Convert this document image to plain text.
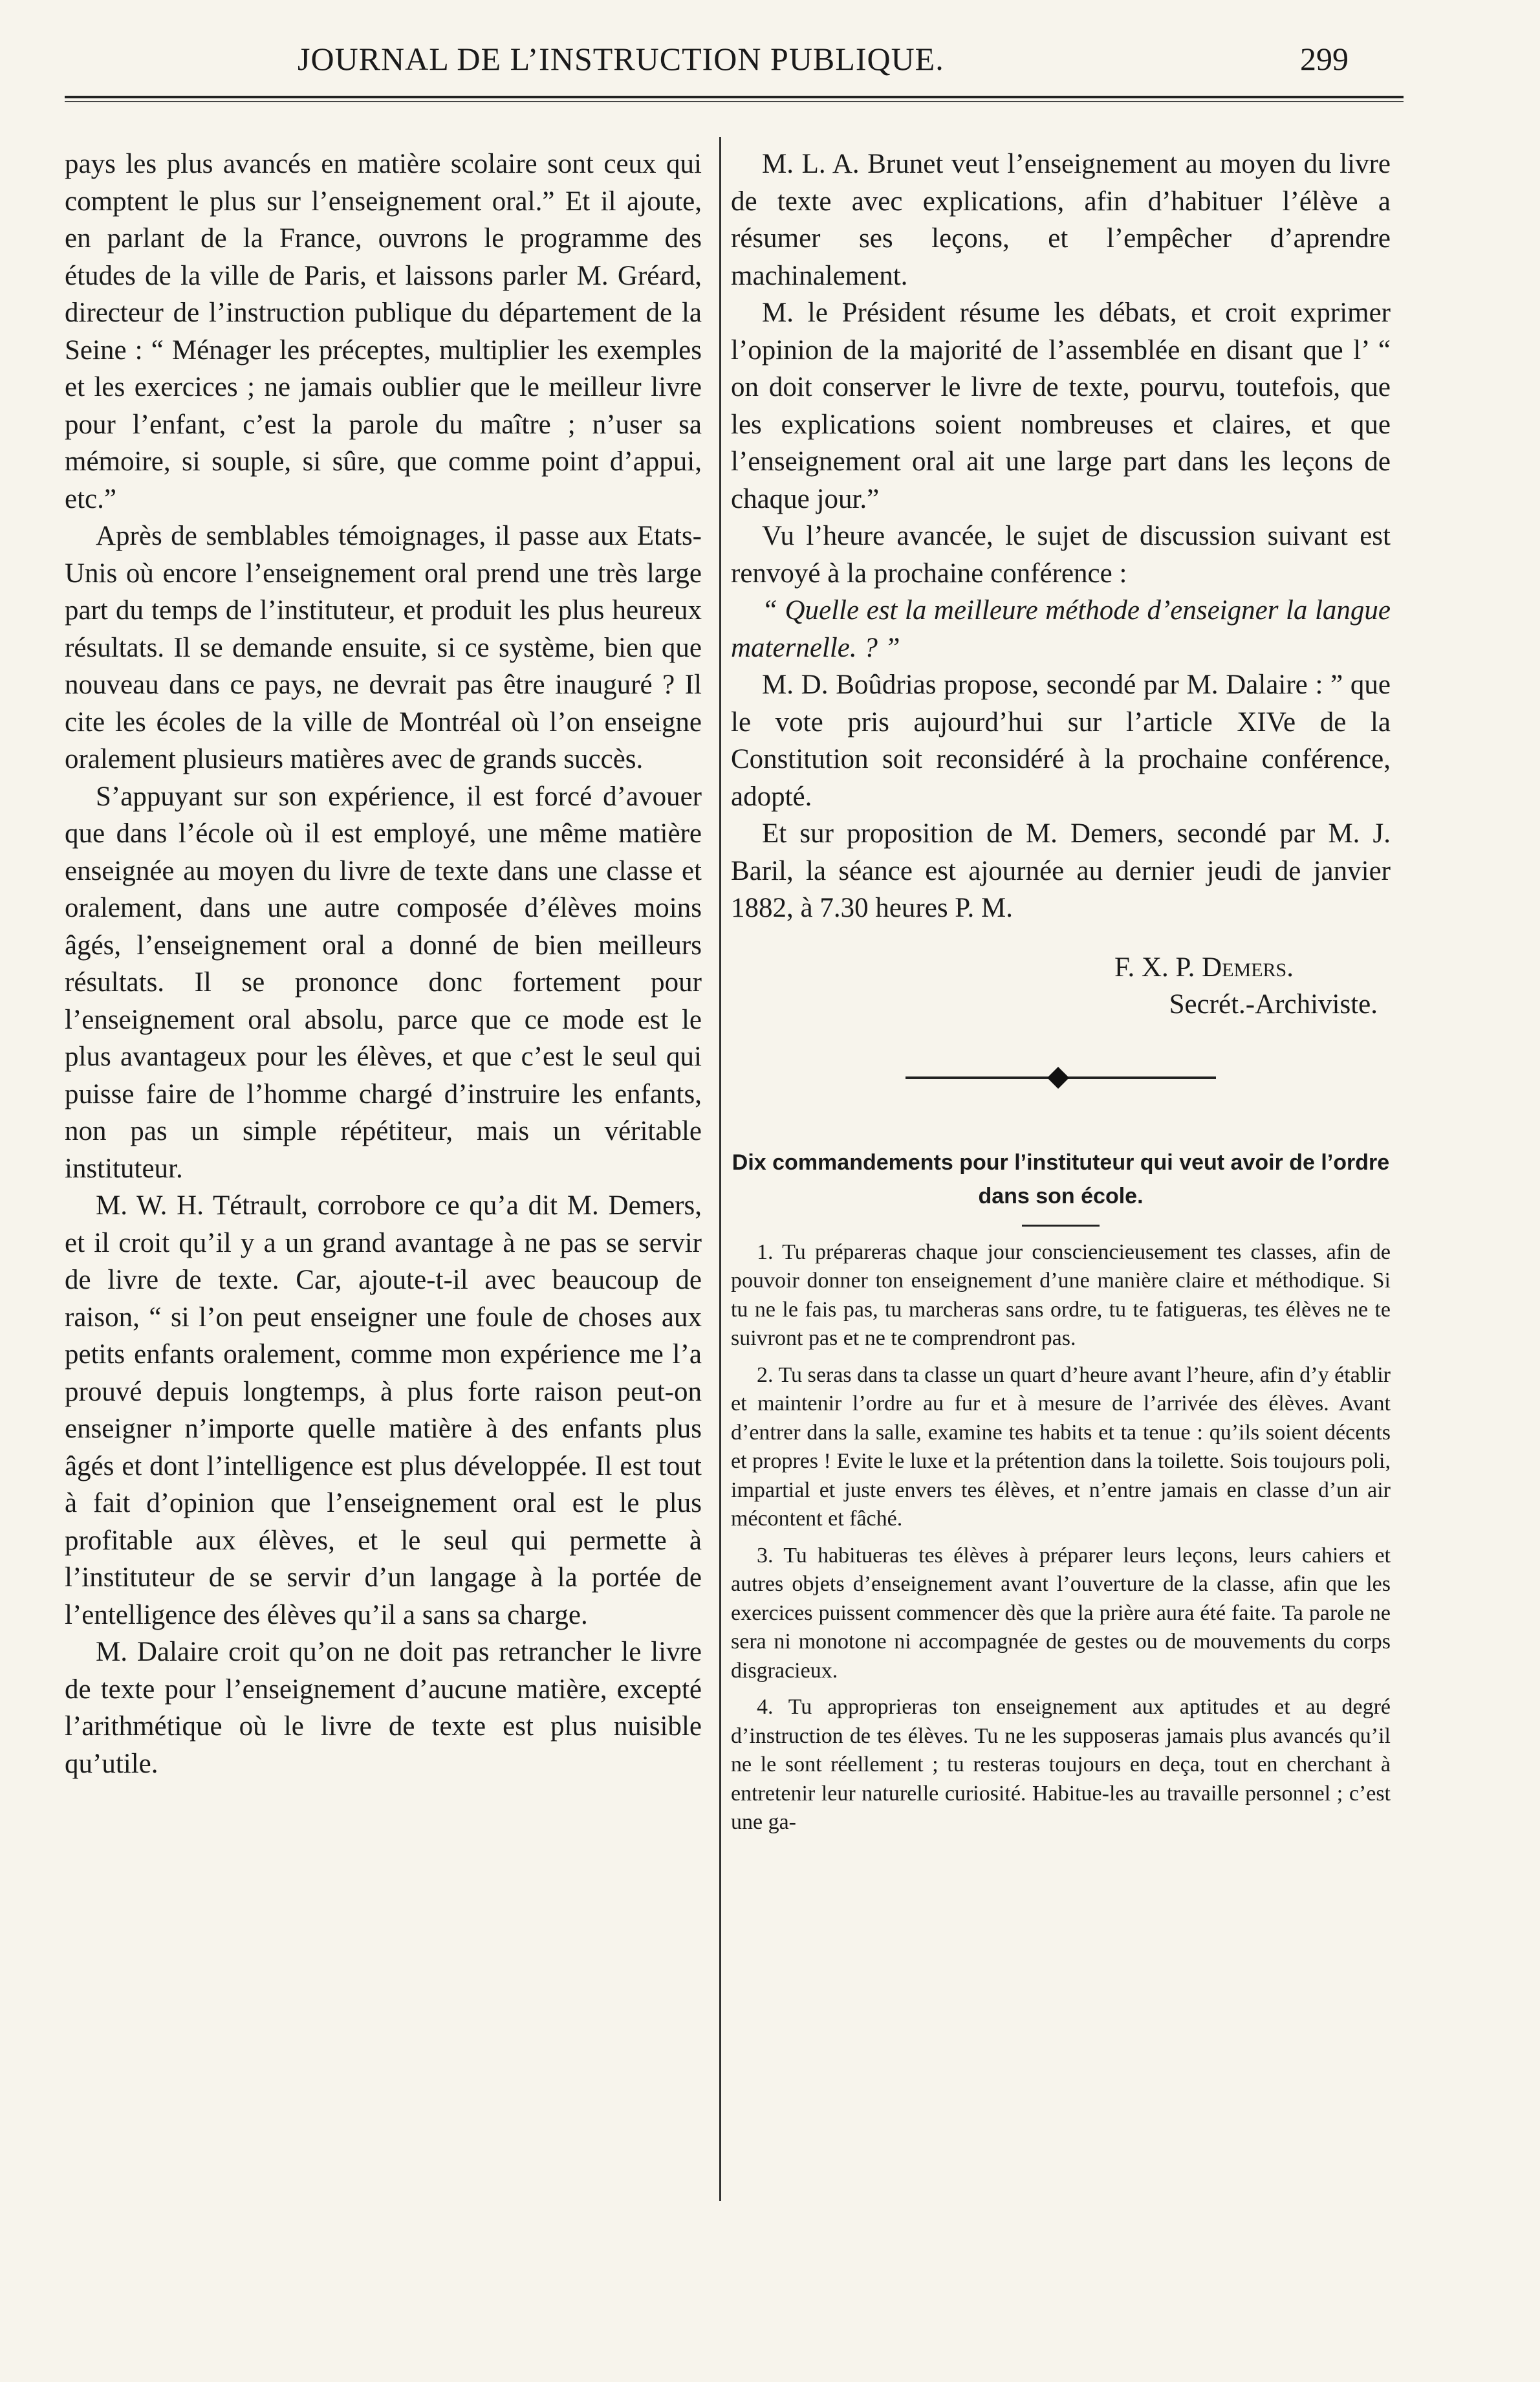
JOURNAL DE L’INSTRUCTION PUBLIQUE.	299

pays les plus avancés en matière scolaire sont ceux qui comptent le plus sur l’enseignement oral.” Et il ajoute, en parlant de la France, ouvrons le programme des études de la ville de Paris, et laissons parler M. Gréard, directeur de l’instruction publique du département de la Seine : “ Ménager les préceptes, multiplier les exemples et les exercices ; ne jamais oublier que le meilleur livre pour l’enfant, c’est la parole du maître ; n’user sa mémoire, si souple, si sûre, que comme point d’appui, etc.”

Après de semblables témoignages, il passe aux Etats-Unis où encore l’enseignement oral prend une très large part du temps de l’instituteur, et produit les plus heureux résultats. Il se demande ensuite, si ce système, bien que nouveau dans ce pays, ne devrait pas être inauguré ? Il cite les écoles de la ville de Montréal où l’on enseigne oralement plusieurs matières avec de grands succès.

S’appuyant sur son expérience, il est forcé d’avouer que dans l’école où il est employé, une même matière enseignée au moyen du livre de texte dans une classe et oralement, dans une autre composée d’élèves moins âgés, l’enseignement oral a donné de bien meilleurs résultats. Il se prononce donc fortement pour l’enseignement oral absolu, parce que ce mode est le plus avantageux pour les élèves, et que c’est le seul qui puisse faire de l’homme chargé d’instruire les enfants, non pas un simple répétiteur, mais un véritable instituteur.

M. W. H. Tétrault, corrobore ce qu’a dit M. Demers, et il croit qu’il y a un grand avantage à ne pas se servir de livre de texte. Car, ajoute-t-il avec beaucoup de raison, “ si l’on peut enseigner une foule de choses aux petits enfants oralement, comme mon expérience me l’a prouvé depuis longtemps, à plus forte raison peut-on enseigner n’importe quelle matière à des enfants plus âgés et dont l’intelligence est plus développée. Il est tout à fait d’opinion que l’enseignement oral est le plus profitable aux élèves, et le seul qui permette à l’instituteur de se servir d’un langage à la portée de l’entelligence des élèves qu’il a sans sa charge.

M. Dalaire croit qu’on ne doit pas retrancher le livre de texte pour l’enseignement d’aucune matière, excepté l’arithmétique où le livre de texte est plus nuisible qu’utile.

M. L. A. Brunet veut l’enseignement au moyen du livre de texte avec explications, afin d’habituer l’élève a résumer ses leçons, et l’empêcher d’aprendre machinalement.

M. le Président résume les débats, et croit exprimer l’opinion de la majorité de l’assemblée en disant que l’ “ on doit conserver le livre de texte, pourvu, toutefois, que les explications soient nombreuses et claires, et que l’enseignement oral ait une large part dans les leçons de chaque jour.”

Vu l’heure avancée, le sujet de discussion suivant est renvoyé à la prochaine conférence :

“ Quelle est la meilleure méthode d’enseigner la langue maternelle. ? ”

M. D. Boûdrias propose, secondé par M. Dalaire : ” que le vote pris aujourd’hui sur l’article XIVe de la Constitution soit reconsidéré à la prochaine conférence, adopté.

Et sur proposition de M. Demers, secondé par M. J. Baril, la séance est ajournée au dernier jeudi de janvier 1882, à 7.30 heures P. M.

F. X. P. Demers.

Secrét.-Archiviste.

Dix commandements pour l’instituteur qui veut avoir de l’ordre dans son école.

1. Tu prépareras chaque jour consciencieusement tes classes, afin de pouvoir donner ton enseignement d’une manière claire et méthodique. Si tu ne le fais pas, tu marcheras sans ordre, tu te fatigueras, tes élèves ne te suivront pas et ne te comprendront pas.

2. Tu seras dans ta classe un quart d’heure avant l’heure, afin d’y établir et maintenir l’ordre au fur et à mesure de l’arrivée des élèves. Avant d’entrer dans la salle, examine tes habits et ta tenue : qu’ils soient décents et propres ! Evite le luxe et la prétention dans la toilette. Sois toujours poli, impartial et juste envers tes élèves, et n’entre jamais en classe d’un air mécontent et fâché.

3. Tu habitueras tes élèves à préparer leurs leçons, leurs cahiers et autres objets d’enseignement avant l’ouverture de la classe, afin que les exercices puissent commencer dès que la prière aura été faite. Ta parole ne sera ni monotone ni accompagnée de gestes ou de mouvements du corps disgracieux.

4. Tu approprieras ton enseignement aux aptitudes et au degré d’instruction de tes élèves. Tu ne les supposeras jamais plus avancés qu’il ne le sont réellement ; tu resteras toujours en deça, tout en cherchant à entretenir leur naturelle curiosité. Habitue-les au travaille personnel ; c’est une ga-
